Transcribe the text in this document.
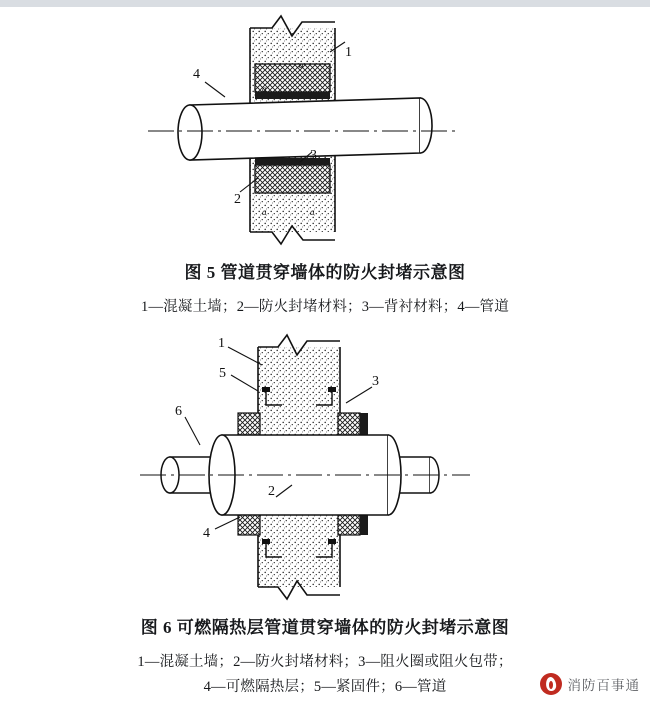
a
a
a	a
1
2
3
4
图 5 管道贯穿墙体的防火封堵示意图
1—混凝土墙；2—防火封堵材料；3—背衬材料；4—管道
1
5
3
6
2
4
图 6 可燃隔热层管道贯穿墙体的防火封堵示意图
1—混凝土墙；2—防火封堵材料；3—阻火圈或阻火包带；
4—可燃隔热层；5—紧固件；6—管道	消防百事通
